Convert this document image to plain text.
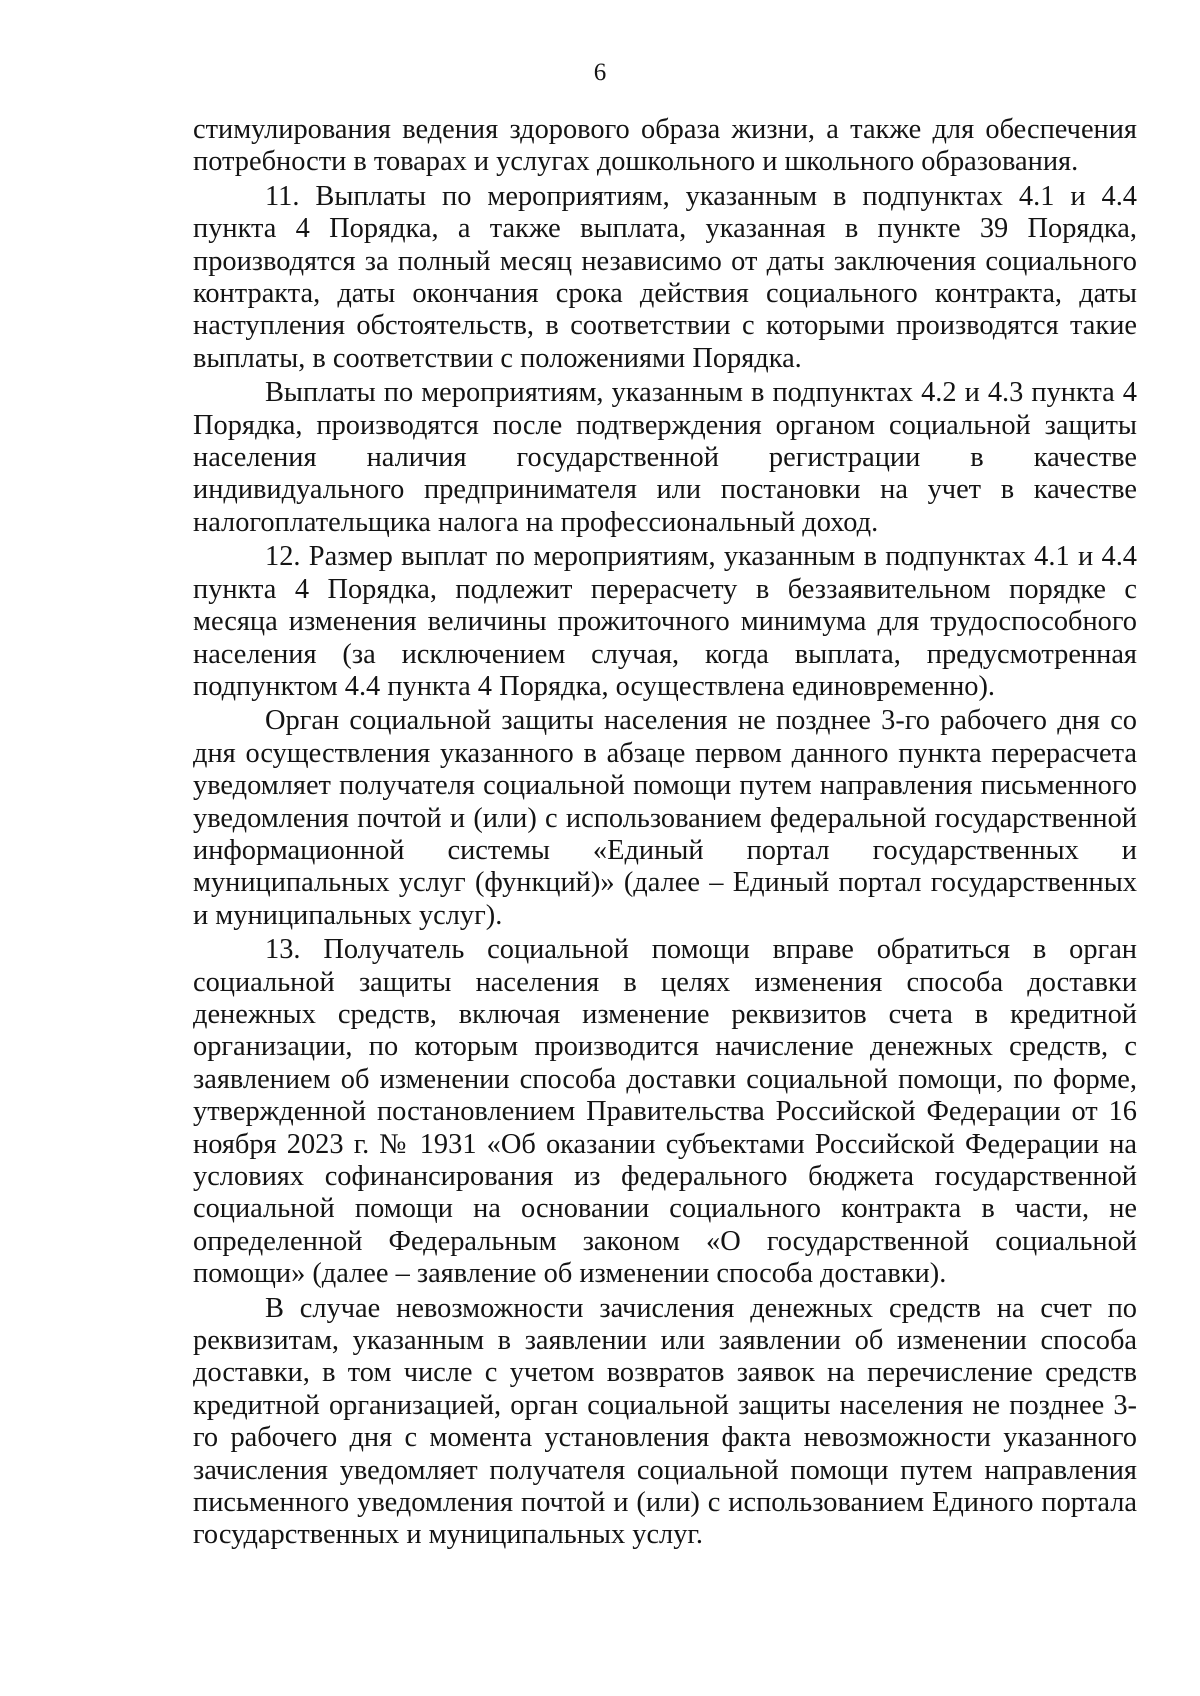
6

стимулирования ведения здорового образа жизни, а также для обеспечения потребности в товарах и услугах дошкольного и школьного образования.

11. Выплаты по мероприятиям, указанным в подпунктах 4.1 и 4.4 пункта 4 Порядка, а также выплата, указанная в пункте 39 Порядка, производятся за полный месяц независимо от даты заключения социального контракта, даты окончания срока действия социального контракта, даты наступления обстоятельств, в соответствии с которыми производятся такие выплаты, в соответствии с положениями Порядка.

Выплаты по мероприятиям, указанным в подпунктах 4.2 и 4.3 пункта 4 Порядка, производятся после подтверждения органом социальной защиты населения наличия государственной регистрации в качестве индивидуального предпринимателя или постановки на учет в качестве налогоплательщика налога на профессиональный доход.

12. Размер выплат по мероприятиям, указанным в подпунктах 4.1 и 4.4 пункта 4 Порядка, подлежит перерасчету в беззаявительном порядке с месяца изменения величины прожиточного минимума для трудоспособного населения (за исключением случая, когда выплата, предусмотренная подпунктом 4.4 пункта 4 Порядка, осуществлена единовременно).

Орган социальной защиты населения не позднее 3-го рабочего дня со дня осуществления указанного в абзаце первом данного пункта перерасчета уведомляет получателя социальной помощи путем направления письменного уведомления почтой и (или) с использованием федеральной государственной информационной системы «Единый портал государственных и муниципальных услуг (функций)» (далее – Единый портал государственных и муниципальных услуг).

13. Получатель социальной помощи вправе обратиться в орган социальной защиты населения в целях изменения способа доставки денежных средств, включая изменение реквизитов счета в кредитной организации, по которым производится начисление денежных средств, с заявлением об изменении способа доставки социальной помощи, по форме, утвержденной постановлением Правительства Российской Федерации от 16 ноября 2023 г. № 1931 «Об оказании субъектами Российской Федерации на условиях софинансирования из федерального бюджета государственной социальной помощи на основании социального контракта в части, не определенной Федеральным законом «О государственной социальной помощи» (далее – заявление об изменении способа доставки).

В случае невозможности зачисления денежных средств на счет по реквизитам, указанным в заявлении или заявлении об изменении способа доставки, в том числе с учетом возвратов заявок на перечисление средств кредитной организацией, орган социальной защиты населения не позднее 3-го рабочего дня с момента установления факта невозможности указанного зачисления уведомляет получателя социальной помощи путем направления письменного уведомления почтой и (или) с использованием Единого портала государственных и муниципальных услуг.
